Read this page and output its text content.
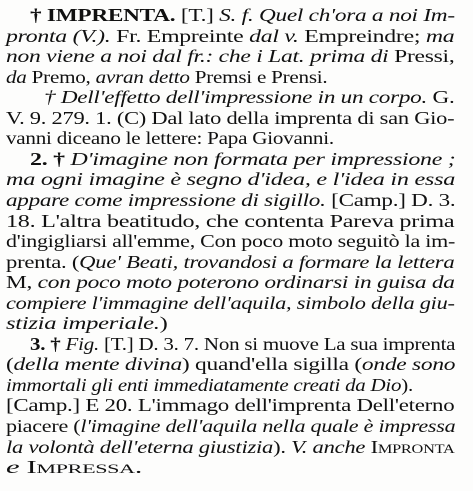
† IMPRENTA. [T.] S. f. Quel ch'ora a noi Im-
pronta (V.). Fr. Empreinte dal v. Empreindre; ma
non viene a noi dal fr.: che i Lat. prima di Pressi,
da Premo, avran detto Premsi e Prensi.
† Dell'effetto dell'impressione in un corpo. G.
V. 9. 279. 1. (C) Dal lato della imprenta di san Gio-
vanni diceano le lettere: Papa Giovanni.
2. † D'imagine non formata per impressione ;
ma ogni imagine è segno d'idea, e l'idea in essa
appare come impressione di sigillo. [Camp.] D. 3.
18. L'altra beatitudo, che contenta Pareva prima
d'ingigliarsi all'emme, Con poco moto seguitò la im-
prenta. (Que' Beati, trovandosi a formare la lettera
M, con poco moto poterono ordinarsi in guisa da
compiere l'immagine dell'aquila, simbolo della giu-
stizia imperiale.)
3. † Fig. [T.] D. 3. 7. Non si muove La sua imprenta
(della mente divina) quand'ella sigilla (onde sono
immortali gli enti immediatamente creati da Dio).
[Camp.] E 20. L'immago dell'imprenta Dell'eterno
piacere (l'imagine dell'aquila nella quale è impressa
la volontà dell'eterna giustizia). V. anche Impronta
e Impressa.
